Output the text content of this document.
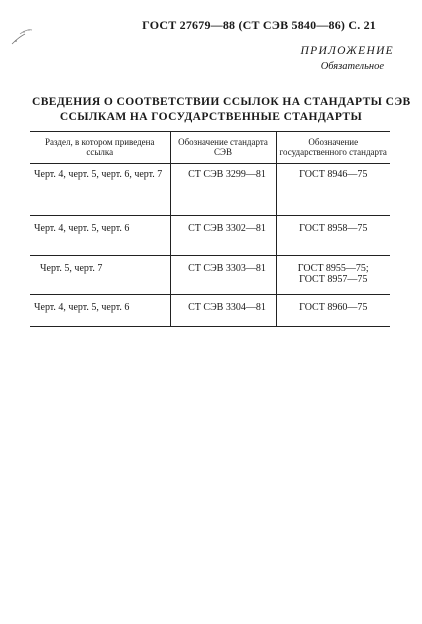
ГОСТ 27679—88 (СТ СЭВ 5840—86) С. 21
ПРИЛОЖЕНИЕ
Обязательное
СВЕДЕНИЯ О СООТВЕТСТВИИ ССЫЛОК НА СТАНДАРТЫ СЭВ
ССЫЛКАМ НА ГОСУДАРСТВЕННЫЕ СТАНДАРТЫ
Раздел, в котором приведена ссылка	Обозначение стандарта СЭВ	Обозначение государственного стандарта
Черт. 4, черт. 5, черт. 6, черт. 7	СТ СЭВ 3299—81	ГОСТ 8946—75

Черт. 4, черт. 5, черт. 6	СТ СЭВ 3302—81	ГОСТ 8958—75

Черт. 5, черт. 7	СТ СЭВ 3303—81	ГОСТ 8955—75;
ГОСТ 8957—75

Черт. 4, черт. 5, черт. 6	СТ СЭВ 3304—81	ГОСТ 8960—75
